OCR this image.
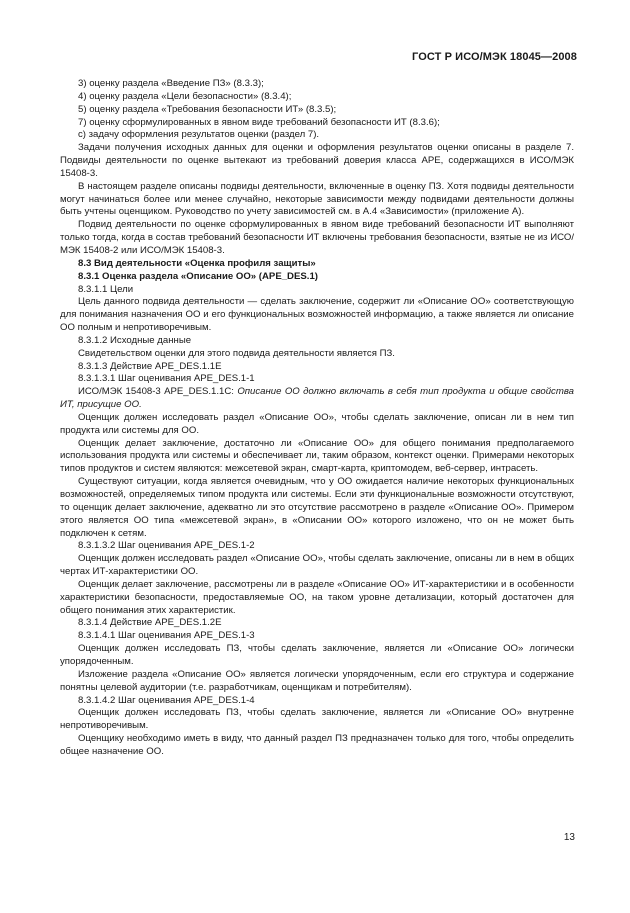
ГОСТ Р ИСО/МЭК 18045—2008

3) оценку раздела «Введение ПЗ» (8.3.3);

4) оценку раздела «Цели безопасности» (8.3.4);

5) оценку раздела «Требования безопасности ИТ» (8.3.5);

7) оценку сформулированных в явном виде требований безопасности ИТ (8.3.6);

с) задачу оформления результатов оценки (раздел 7).

Задачи получения исходных данных для оценки и оформления результатов оценки описаны в разделе 7. Подвиды деятельности по оценке вытекают из требований доверия класса АРЕ, содержащихся в ИСО/МЭК 15408-3.

В настоящем разделе описаны подвиды деятельности, включенные в оценку ПЗ. Хотя подвиды деятельности могут начинаться более или менее случайно, некоторые зависимости между подвидами деятельности должны быть учтены оценщиком. Руководство по учету зависимостей см. в А.4 «Зависимости» (приложение А).

Подвид деятельности по оценке сформулированных в явном виде требований безопасности ИТ выполняют только тогда, когда в состав требований безопасности ИТ включены требования безопасности, взятые не из ИСО/МЭК 15408-2 или ИСО/МЭК 15408-3.

8.3 Вид деятельности «Оценка профиля защиты»

8.3.1 Оценка раздела «Описание ОО» (APE_DES.1)

8.3.1.1 Цели

Цель данного подвида деятельности — сделать заключение, содержит ли «Описание ОО» соответствующую для понимания назначения ОО и его функциональных возможностей информацию, а также является ли описание ОО полным и непротиворечивым.

8.3.1.2 Исходные данные

Свидетельством оценки для этого подвида деятельности является ПЗ.

8.3.1.3 Действие APE_DES.1.1E

8.3.1.3.1 Шаг оценивания APE_DES.1-1

ИСО/МЭК 15408-3 APE_DES.1.1C: Описание ОО должно включать в себя тип продукта и общие свойства ИТ, присущие ОО.

Оценщик должен исследовать раздел «Описание ОО», чтобы сделать заключение, описан ли в нем тип продукта или системы для ОО.

Оценщик делает заключение, достаточно ли «Описание ОО» для общего понимания предполагаемого использования продукта или системы и обеспечивает ли, таким образом, контекст оценки. Примерами некоторых типов продуктов и систем являются: межсетевой экран, смарт-карта, криптомодем, веб-сервер, интрасеть.

Существуют ситуации, когда является очевидным, что у ОО ожидается наличие некоторых функциональных возможностей, определяемых типом продукта или системы. Если эти функциональные возможности отсутствуют, то оценщик делает заключение, адекватно ли это отсутствие рассмотрено в разделе «Описание ОО». Примером этого является ОО типа «межсетевой экран», в «Описании ОО» которого изложено, что он не может быть подключен к сетям.

8.3.1.3.2 Шаг оценивания APE_DES.1-2

Оценщик должен исследовать раздел «Описание ОО», чтобы сделать заключение, описаны ли в нем в общих чертах ИТ-характеристики ОО.

Оценщик делает заключение, рассмотрены ли в разделе «Описание ОО» ИТ-характеристики и в особенности характеристики безопасности, предоставляемые ОО, на таком уровне детализации, который достаточен для общего понимания этих характеристик.

8.3.1.4 Действие APE_DES.1.2E

8.3.1.4.1 Шаг оценивания APE_DES.1-3

Оценщик должен исследовать ПЗ, чтобы сделать заключение, является ли «Описание ОО» логически упорядоченным.

Изложение раздела «Описание ОО» является логически упорядоченным, если его структура и содержание понятны целевой аудитории (т.е. разработчикам, оценщикам и потребителям).

8.3.1.4.2 Шаг оценивания APE_DES.1-4

Оценщик должен исследовать ПЗ, чтобы сделать заключение, является ли «Описание ОО» внутренне непротиворечивым.

Оценщику необходимо иметь в виду, что данный раздел ПЗ предназначен только для того, чтобы определить общее назначение ОО.

13
